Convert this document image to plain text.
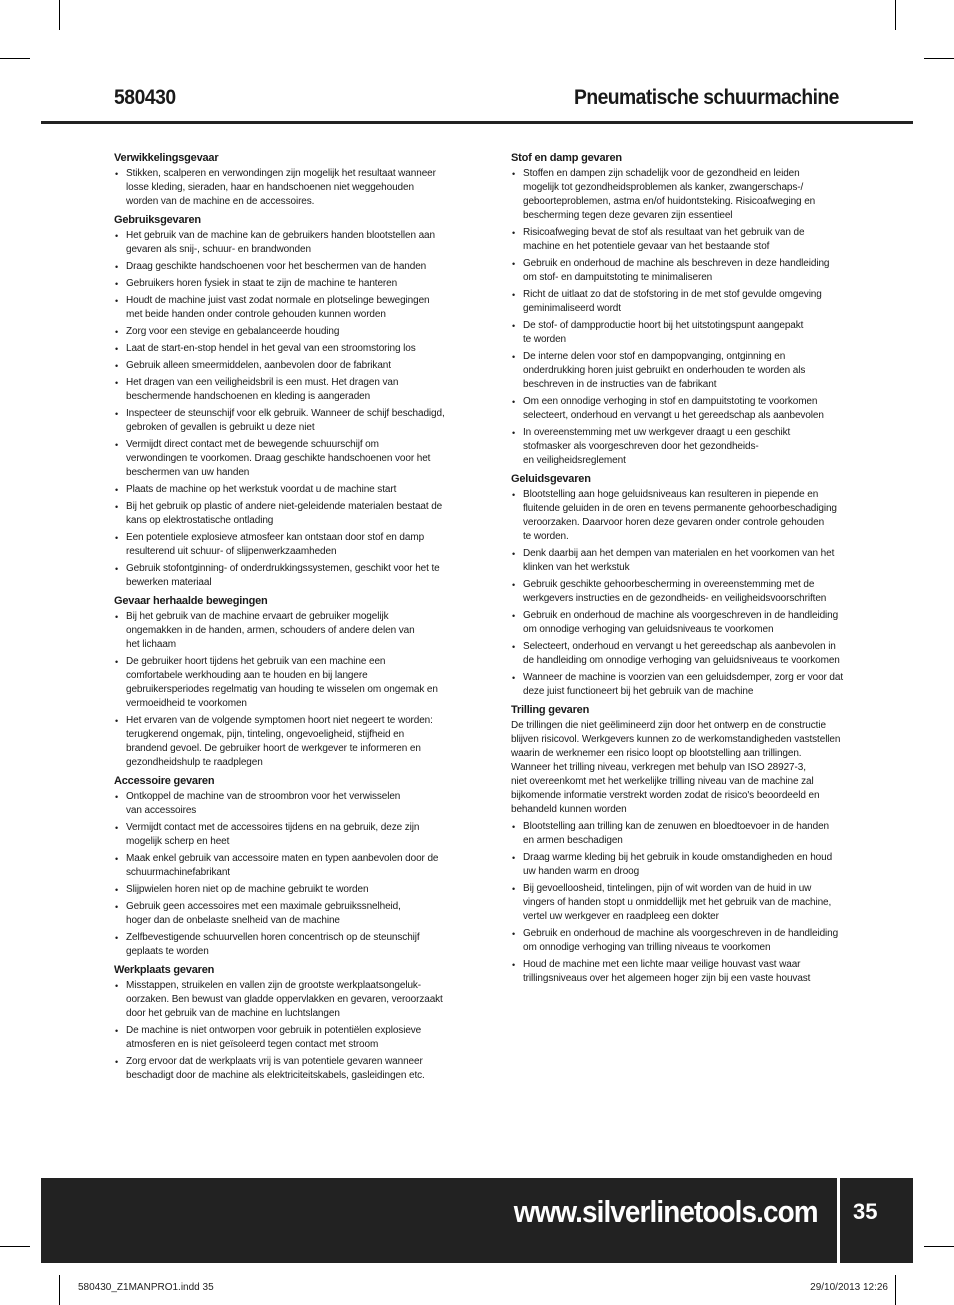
580430	Pneumatische schuurmachine
Verwikkelingsgevaar
• Stikken, scalperen en verwondingen zijn mogelijk het resultaat wanneer
losse kleding, sieraden, haar en handschoenen niet weggehouden
worden van de machine en de accessoires.
Gebruiksgevaren
• Het gebruik van de machine kan de gebruikers handen blootstellen aan
gevaren als snij-, schuur- en brandwonden
• Draag geschikte handschoenen voor het beschermen van de handen
• Gebruikers horen fysiek in staat te zijn de machine te hanteren
• Houdt de machine juist vast zodat normale en plotselinge bewegingen
met beide handen onder controle gehouden kunnen worden
• Zorg voor een stevige en gebalanceerde houding
• Laat de start-en-stop hendel in het geval van een stroomstoring los
• Gebruik alleen smeermiddelen, aanbevolen door de fabrikant
• Het dragen van een veiligheidsbril is een must. Het dragen van
beschermende handschoenen en kleding is aangeraden
• Inspecteer de steunschijf voor elk gebruik. Wanneer de schijf beschadigd,
gebroken of gevallen is gebruikt u deze niet
• Vermijdt direct contact met de bewegende schuurschijf om
verwondingen te voorkomen. Draag geschikte handschoenen voor het
beschermen van uw handen
• Plaats de machine op het werkstuk voordat u de machine start
• Bij het gebruik op plastic of andere niet-geleidende materialen bestaat de
kans op elektrostatische ontlading
• Een potentiele explosieve atmosfeer kan ontstaan door stof en damp
resulterend uit schuur- of slijpenwerkzaamheden
• Gebruik stofontginning- of onderdrukkingssystemen, geschikt voor het te
bewerken materiaal
Gevaar herhaalde bewegingen
• Bij het gebruik van de machine ervaart de gebruiker mogelijk
ongemakken in de handen, armen, schouders of andere delen van
het lichaam
• De gebruiker hoort tijdens het gebruik van een machine een
comfortabele werkhouding aan te houden en bij langere
gebruikersperiodes regelmatig van houding te wisselen om ongemak en
vermoeidheid te voorkomen
• Het ervaren van de volgende symptomen hoort niet negeert te worden:
terugkerend ongemak, pijn, tinteling, ongevoeligheid, stijfheid en
brandend gevoel. De gebruiker hoort de werkgever te informeren en
gezondheidshulp te raadplegen
Accessoire gevaren
• Ontkoppel de machine van de stroombron voor het verwisselen
van accessoires
• Vermijdt contact met de accessoires tijdens en na gebruik, deze zijn
mogelijk scherp en heet
• Maak enkel gebruik van accessoire maten en typen aanbevolen door de
schuurmachinefabrikant
• Slijpwielen horen niet op de machine gebruikt te worden
• Gebruik geen accessoires met een maximale gebruikssnelheid,
hoger dan de onbelaste snelheid van de machine
• Zelfbevestigende schuurvellen horen concentrisch op de steunschijf
geplaats te worden
Werkplaats gevaren
• Misstappen, struikelen en vallen zijn de grootste werkplaatsongeluk-
oorzaken. Ben bewust van gladde oppervlakken en gevaren, veroorzaakt
door het gebruik van de machine en luchtslangen
• De machine is niet ontworpen voor gebruik in potentiëlen explosieve
atmosferen en is niet geïsoleerd tegen contact met stroom
• Zorg ervoor dat de werkplaats vrij is van potentiele gevaren wanneer
beschadigt door de machine als elektriciteitskabels, gasleidingen etc.
Stof en damp gevaren
• Stoffen en dampen zijn schadelijk voor de gezondheid en leiden
mogelijk tot gezondheidsproblemen als kanker, zwangerschaps-/
geboorteproblemen, astma en/of huidontsteking. Risicoafweging en
bescherming tegen deze gevaren zijn essentieel
• Risicoafweging bevat de stof als resultaat van het gebruik van de
machine en het potentiele gevaar van het bestaande stof
• Gebruik en onderhoud de machine als beschreven in deze handleiding
om stof- en dampuitstoting te minimaliseren
• Richt de uitlaat zo dat de stofstoring in de met stof gevulde omgeving
geminimaliseerd wordt
• De stof- of dampproductie hoort bij het uitstotingspunt aangepakt
te worden
• De interne delen voor stof en dampopvanging, ontginning en
onderdrukking horen juist gebruikt en onderhouden te worden als
beschreven in de instructies van de fabrikant
• Om een onnodige verhoging in stof en dampuitstoting te voorkomen
selecteert, onderhoud en vervangt u het gereedschap als aanbevolen
• In overeenstemming met uw werkgever draagt u een geschikt
stofmasker als voorgeschreven door het gezondheids-
en veiligheidsreglement
Geluidsgevaren
• Blootstelling aan hoge geluidsniveaus kan resulteren in piepende en
fluitende geluiden in de oren en tevens permanente gehoorbeschadiging
veroorzaken. Daarvoor horen deze gevaren onder controle gehouden
te worden.
• Denk daarbij aan het dempen van materialen en het voorkomen van het
klinken van het werkstuk
• Gebruik geschikte gehoorbescherming in overeenstemming met de
werkgevers instructies en de gezondheids- en veiligheidsvoorschriften
• Gebruik en onderhoud de machine als voorgeschreven in de handleiding
om onnodige verhoging van geluidsniveaus te voorkomen
• Selecteert, onderhoud en vervangt u het gereedschap als aanbevolen in
de handleiding om onnodige verhoging van geluidsniveaus te voorkomen
• Wanneer de machine is voorzien van een geluidsdemper, zorg er voor dat
deze juist functioneert bij het gebruik van de machine
Trilling gevaren

De trillingen die niet geëlimineerd zijn door het ontwerp en de constructie
blijven risicovol. Werkgevers kunnen zo de werkomstandigheden vaststellen
waarin de werknemer een risico loopt op blootstelling aan trillingen.
Wanneer het trilling niveau, verkregen met behulp van ISO 28927-3,
niet overeenkomt met het werkelijke trilling niveau van de machine zal
bijkomende informatie verstrekt worden zodat de risico's beoordeeld en
behandeld kunnen worden

• Blootstelling aan trilling kan de zenuwen en bloedtoevoer in de handen
en armen beschadigen
• Draag warme kleding bij het gebruik in koude omstandigheden en houd
uw handen warm en droog
• Bij gevoelloosheid, tintelingen, pijn of wit worden van de huid in uw
vingers of handen stopt u onmiddellijk met het gebruik van de machine,
vertel uw werkgever en raadpleeg een dokter
• Gebruik en onderhoud de machine als voorgeschreven in de handleiding
om onnodige verhoging van trilling niveaus te voorkomen
• Houd de machine met een lichte maar veilige houvast vast waar
trillingsniveaus over het algemeen hoger zijn bij een vaste houvast
www.silverlinetools.com 35
580430_Z1MANPRO1.indd 35	29/10/2013 12:26
